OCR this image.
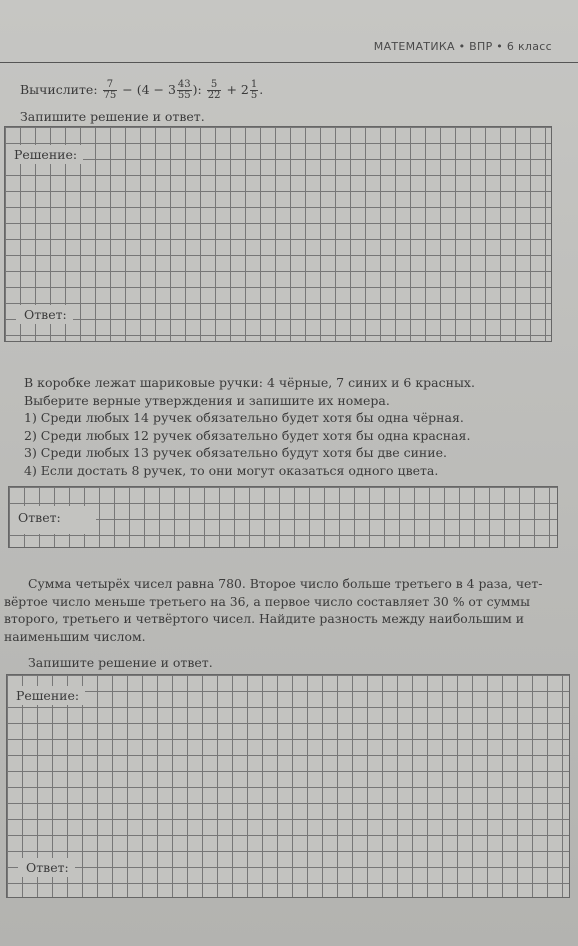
МАТЕМАТИКА • ВПР • 6 класс
Вычислите: $\frac{7}{75} - (4 - 3 \frac{43}{55}$ ): $\frac{5}{22} + 2 \frac{1}{5}$ .
Запишите решение и ответ.
Решение:
Ответ:
В коробке лежат шариковые ручки: 4 чёрные, 7 синих и 6 красных.
Выберите верные утверждения и запишите их номера.
1) Среди любых 14 ручек обязательно будет хотя бы одна чёрная.
2) Среди любых 12 ручек обязательно будет хотя бы одна красная.
3) Среди любых 13 ручек обязательно будут хотя бы две синие.
4) Если достать 8 ручек, то они могут оказаться одного цвета.
Ответ:
Сумма четырёх чисел равна 780. Второе число больше третьего в 4 раза, чет-
вёртое число меньше третьего на 36, а первое число составляет 30 % от суммы
второго, третьего и четвёртого чисел. Найдите разность между наибольшим и
наименьшим числом.
Запишите решение и ответ.
Решение:
Ответ:
